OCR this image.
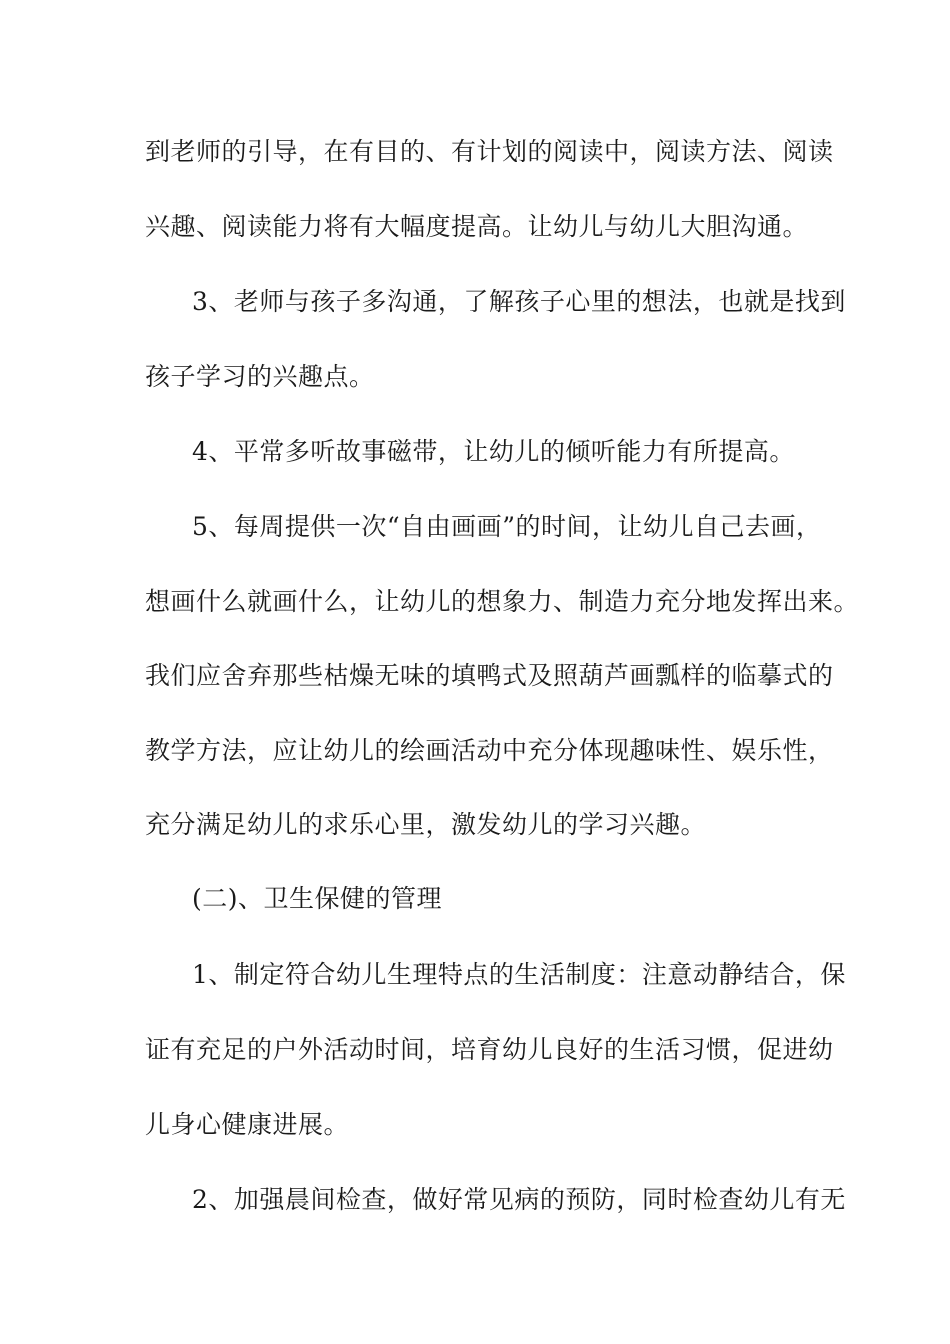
到老师的引导，在有目的、有计划的阅读中，阅读方法、阅读
兴趣、阅读能力将有大幅度提高。让幼儿与幼儿大胆沟通。
3、老师与孩子多沟通，了解孩子心里的想法，也就是找到
孩子学习的兴趣点。
4、平常多听故事磁带，让幼儿的倾听能力有所提高。
5、每周提供一次“自由画画”的时间，让幼儿自己去画，
想画什么就画什么，让幼儿的想象力、制造力充分地发挥出来。
我们应舍弃那些枯燥无味的填鸭式及照葫芦画瓢样的临摹式的
教学方法，应让幼儿的绘画活动中充分体现趣味性、娱乐性，
充分满足幼儿的求乐心里，激发幼儿的学习兴趣。
(二)、卫生保健的管理
1、制定符合幼儿生理特点的生活制度：注意动静结合，保
证有充足的户外活动时间，培育幼儿良好的生活习惯，促进幼
儿身心健康进展。
2、加强晨间检查，做好常见病的预防，同时检查幼儿有无
